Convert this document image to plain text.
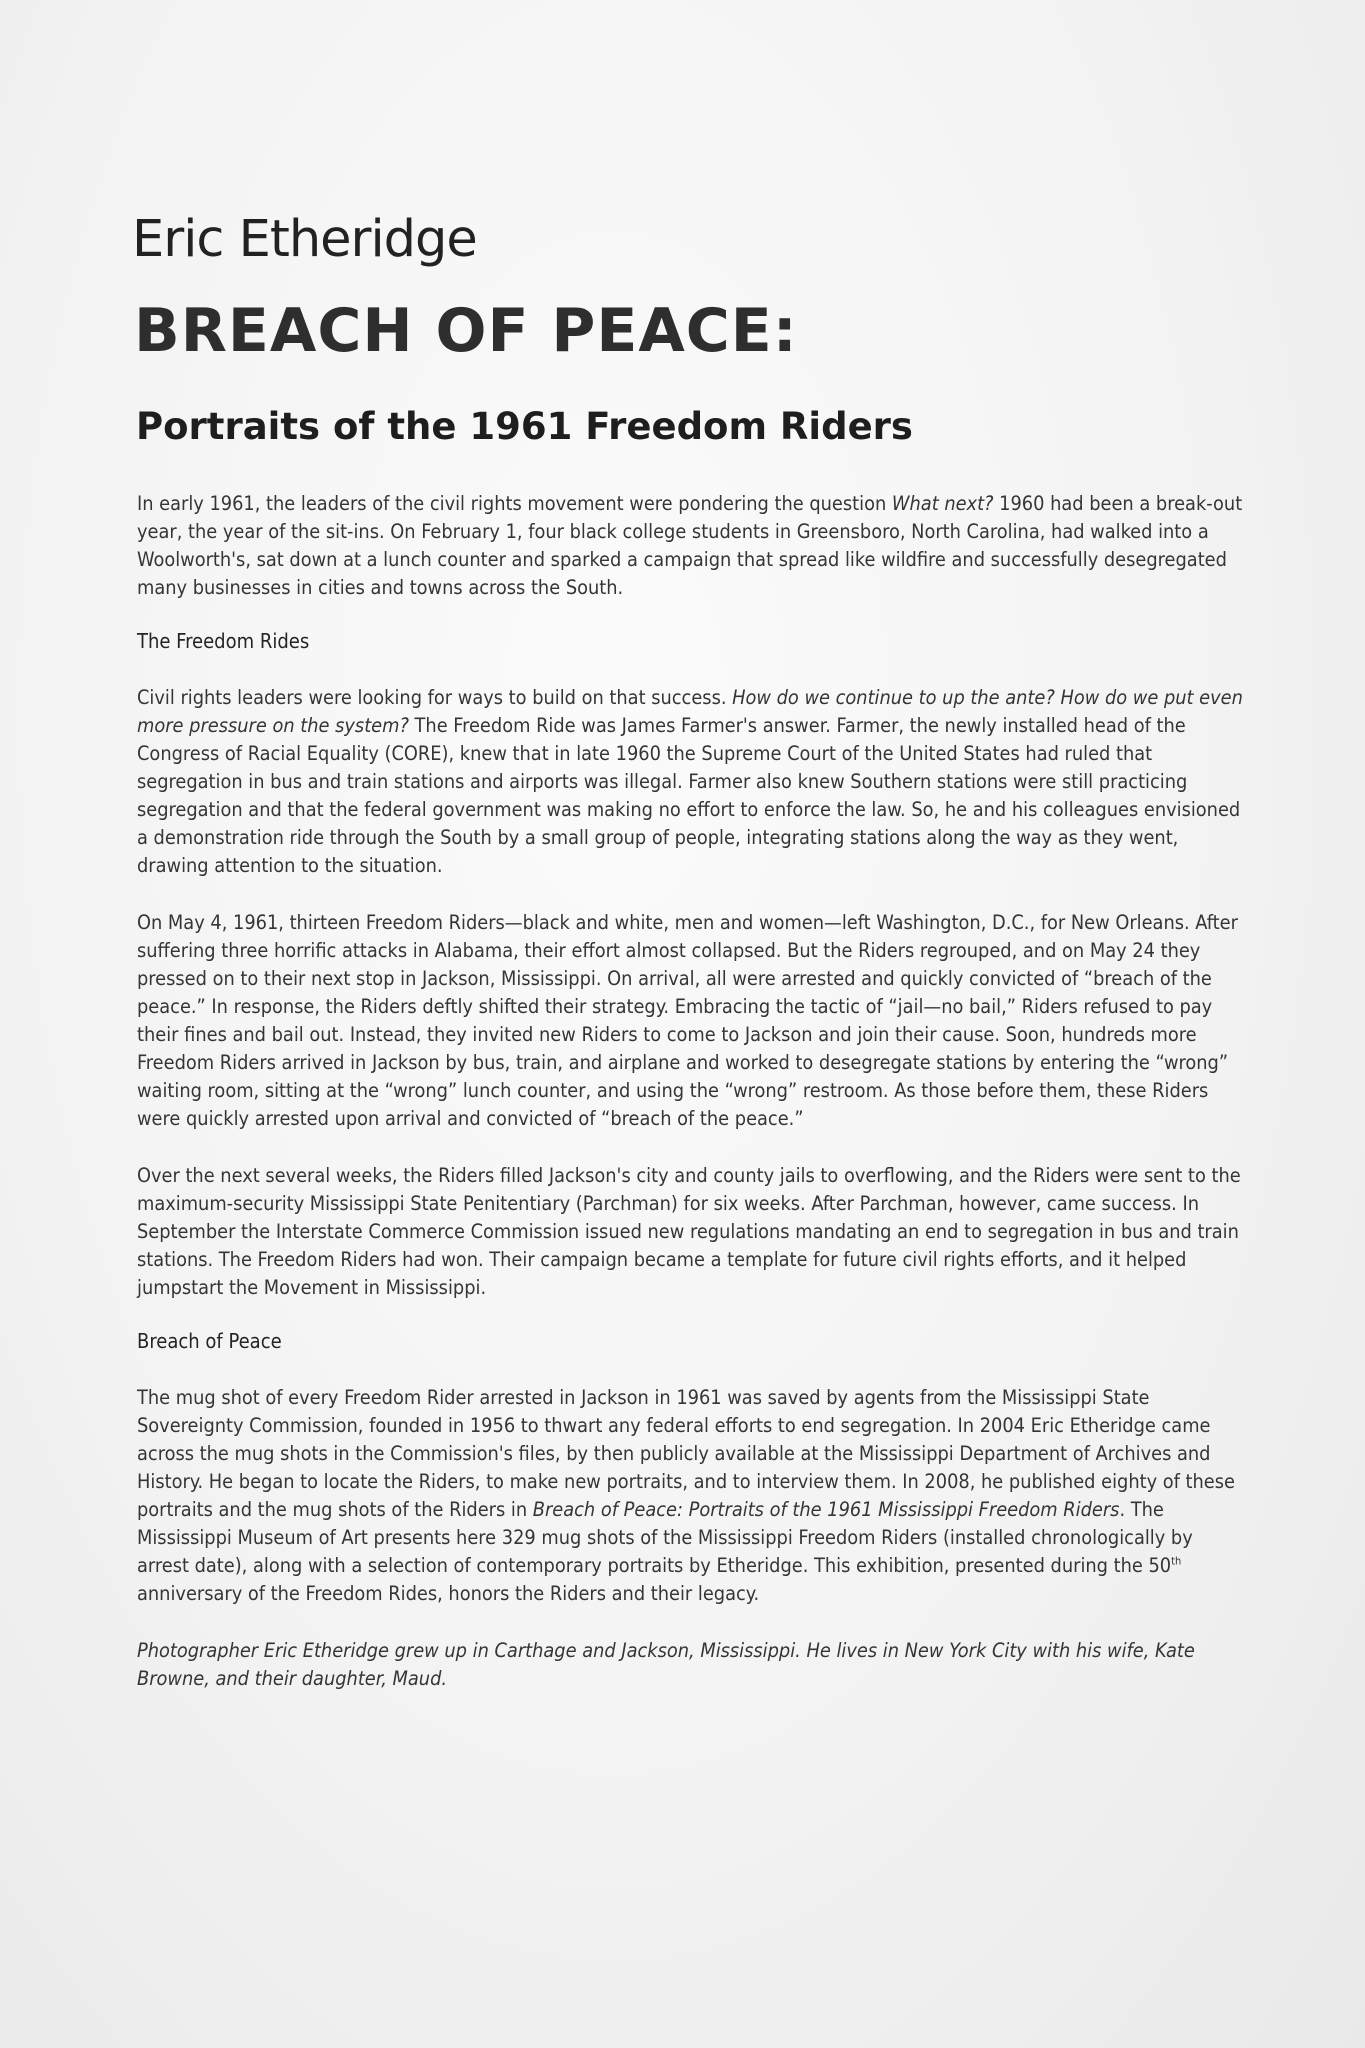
Eric Etheridge
BREACH OF PEACE:
Portraits of the 1961 Freedom Riders

In early 1961, the leaders of the civil rights movement were pondering the question What next? 1960 had been a break-out year, the year of the sit-ins. On February 1, four black college students in Greensboro, North Carolina, had walked into a Woolworth's, sat down at a lunch counter and sparked a campaign that spread like wildfire and successfully desegregated many businesses in cities and towns across the South.

The Freedom Rides

Civil rights leaders were looking for ways to build on that success. How do we continue to up the ante? How do we put even more pressure on the system? The Freedom Ride was James Farmer's answer. Farmer, the newly installed head of the Congress of Racial Equality (CORE), knew that in late 1960 the Supreme Court of the United States had ruled that segregation in bus and train stations and airports was illegal. Farmer also knew Southern stations were still practicing segregation and that the federal government was making no effort to enforce the law. So, he and his colleagues envisioned a demonstration ride through the South by a small group of people, integrating stations along the way as they went, drawing attention to the situation.

On May 4, 1961, thirteen Freedom Riders—black and white, men and women—left Washington, D.C., for New Orleans. After suffering three horrific attacks in Alabama, their effort almost collapsed. But the Riders regrouped, and on May 24 they pressed on to their next stop in Jackson, Mississippi. On arrival, all were arrested and quickly convicted of “breach of the peace.” In response, the Riders deftly shifted their strategy. Embracing the tactic of “jail—no bail,” Riders refused to pay their fines and bail out. Instead, they invited new Riders to come to Jackson and join their cause. Soon, hundreds more Freedom Riders arrived in Jackson by bus, train, and airplane and worked to desegregate stations by entering the “wrong” waiting room, sitting at the “wrong” lunch counter, and using the “wrong” restroom. As those before them, these Riders were quickly arrested upon arrival and convicted of “breach of the peace.”

Over the next several weeks, the Riders filled Jackson's city and county jails to overflowing, and the Riders were sent to the maximum-security Mississippi State Penitentiary (Parchman) for six weeks. After Parchman, however, came success. In September the Interstate Commerce Commission issued new regulations mandating an end to segregation in bus and train stations. The Freedom Riders had won. Their campaign became a template for future civil rights efforts, and it helped jumpstart the Movement in Mississippi.

Breach of Peace

The mug shot of every Freedom Rider arrested in Jackson in 1961 was saved by agents from the Mississippi State Sovereignty Commission, founded in 1956 to thwart any federal efforts to end segregation. In 2004 Eric Etheridge came across the mug shots in the Commission's files, by then publicly available at the Mississippi Department of Archives and History. He began to locate the Riders, to make new portraits, and to interview them. In 2008, he published eighty of these portraits and the mug shots of the Riders in Breach of Peace: Portraits of the 1961 Mississippi Freedom Riders. The Mississippi Museum of Art presents here 329 mug shots of the Mississippi Freedom Riders (installed chronologically by arrest date), along with a selection of contemporary portraits by Etheridge. This exhibition, presented during the 50th anniversary of the Freedom Rides, honors the Riders and their legacy.

Photographer Eric Etheridge grew up in Carthage and Jackson, Mississippi. He lives in New York City with his wife, Kate Browne, and their daughter, Maud.
